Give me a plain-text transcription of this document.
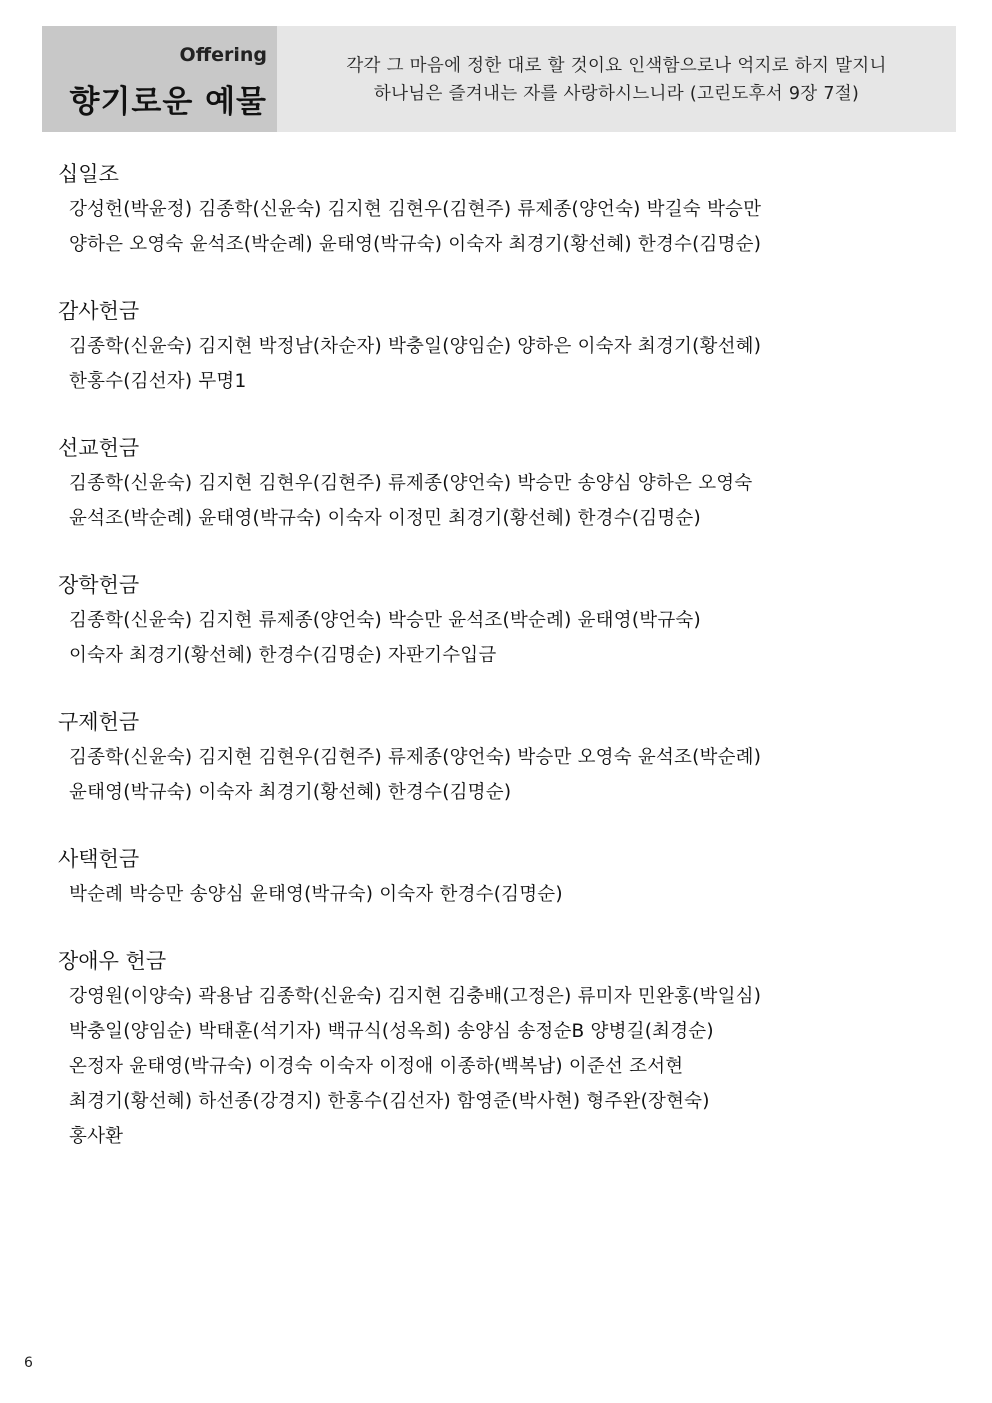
Offering
향기로운 예물
각각 그 마음에 정한 대로 할 것이요 인색함으로나 억지로 하지 말지니
하나님은 즐겨내는 자를 사랑하시느니라 (고린도후서 9장 7절)
십일조
강성헌(박윤정) 김종학(신윤숙) 김지현 김현우(김현주) 류제종(양언숙) 박길숙 박승만
양하은 오영숙 윤석조(박순례) 윤태영(박규숙) 이숙자 최경기(황선혜) 한경수(김명순)
감사헌금
김종학(신윤숙) 김지현 박정남(차순자) 박충일(양임순) 양하은 이숙자 최경기(황선혜)
한홍수(김선자) 무명1
선교헌금
김종학(신윤숙) 김지현 김현우(김현주) 류제종(양언숙) 박승만 송양심 양하은 오영숙
윤석조(박순례) 윤태영(박규숙) 이숙자 이정민 최경기(황선혜) 한경수(김명순)
장학헌금
김종학(신윤숙) 김지현 류제종(양언숙) 박승만 윤석조(박순례) 윤태영(박규숙)
이숙자 최경기(황선혜) 한경수(김명순) 자판기수입금
구제헌금
김종학(신윤숙) 김지현 김현우(김현주) 류제종(양언숙) 박승만 오영숙 윤석조(박순례)
윤태영(박규숙) 이숙자 최경기(황선혜) 한경수(김명순)
사택헌금
박순례 박승만 송양심 윤태영(박규숙) 이숙자 한경수(김명순)
장애우 헌금
강영원(이양숙) 곽용남 김종학(신윤숙) 김지현 김충배(고정은) 류미자 민완홍(박일심)
박충일(양임순) 박태훈(석기자) 백규식(성옥희) 송양심 송정순B 양병길(최경순)
온정자 윤태영(박규숙) 이경숙 이숙자 이정애 이종하(백복남) 이준선 조서현
최경기(황선혜) 하선종(강경지) 한홍수(김선자) 함영준(박사현) 형주완(장현숙)
홍사환
6
